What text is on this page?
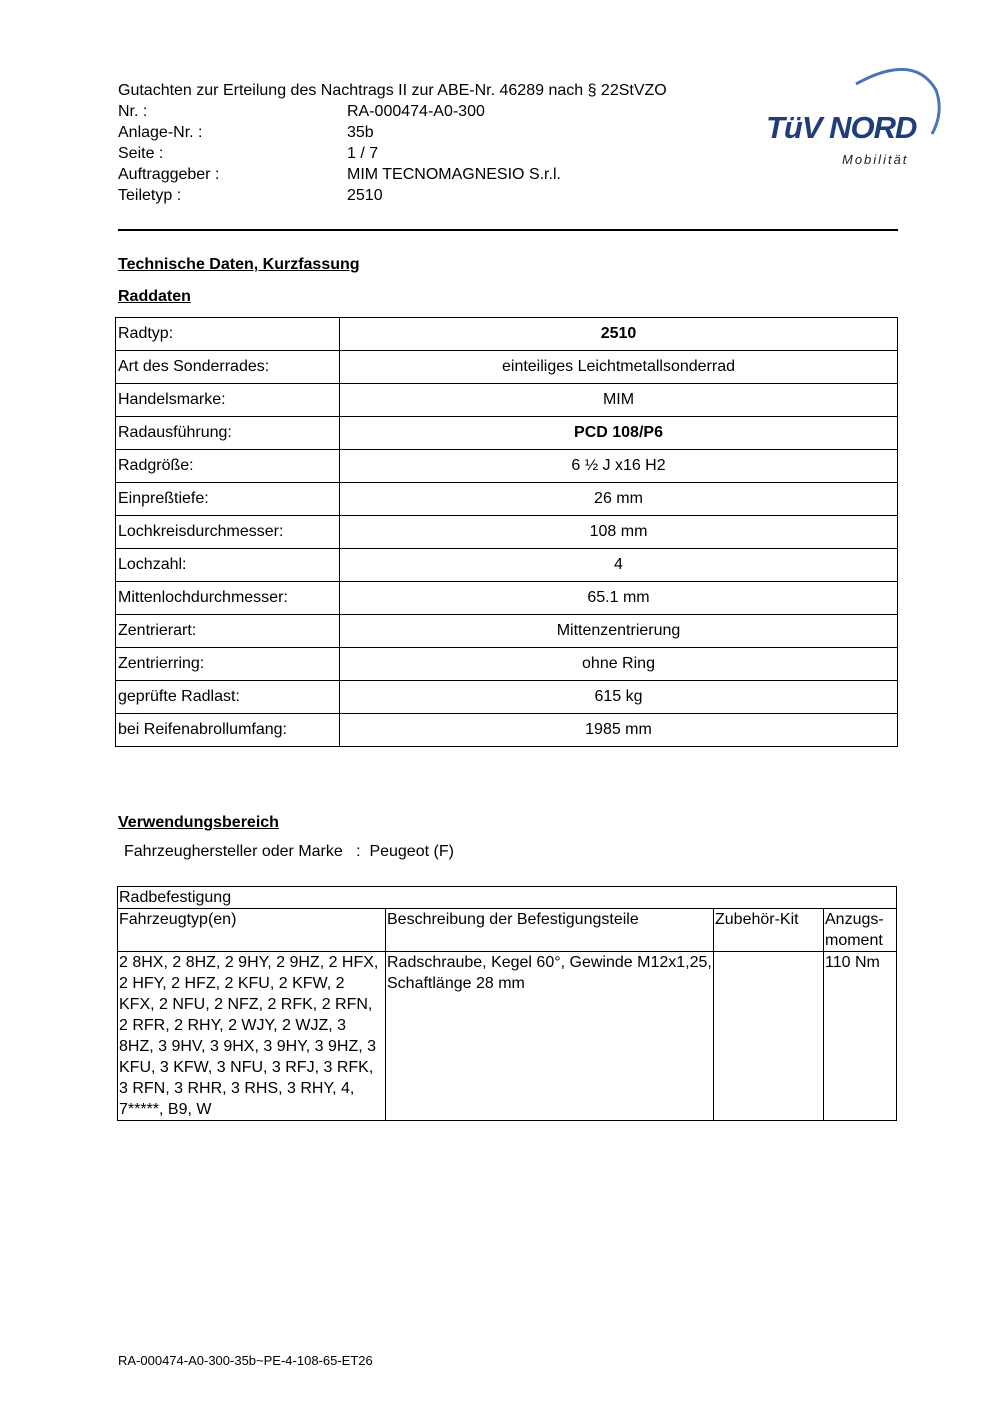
Gutachten zur Erteilung des Nachtrags II zur ABE-Nr. 46289 nach § 22StVZO
Nr. :	RA-000474-A0-300
Anlage-Nr. :	35b
Seite :	1 / 7
Auftraggeber :	MIM TECNOMAGNESIO S.r.l.
Teiletyp :	2510
TüV NORD
Mobilität
Technische Daten, Kurzfassung
Raddaten
Radtyp:	2510
Art des Sonderrades:	einteiliges Leichtmetallsonderrad
Handelsmarke:	MIM
Radausführung:	PCD 108/P6
Radgröße:	6 ½ J x16 H2
Einpreßtiefe:	26 mm
Lochkreisdurchmesser:	108 mm
Lochzahl:	4
Mittenlochdurchmesser:	65.1 mm
Zentrierart:	Mittenzentrierung
Zentrierring:	ohne Ring
geprüfte Radlast:	615 kg
bei Reifenabrollumfang:	1985 mm
Verwendungsbereich
Fahrzeughersteller oder Marke   :  Peugeot (F)
Radbefestigung			
Fahrzeugtyp(en)	Beschreibung der Befestigungsteile	Zubehör-Kit	Anzugs-moment
2 8HX, 2 8HZ, 2 9HY, 2 9HZ, 2 HFX, 2 HFY, 2 HFZ, 2 KFU, 2 KFW, 2 KFX, 2 NFU, 2 NFZ, 2 RFK, 2 RFN, 2 RFR, 2 RHY, 2 WJY, 2 WJZ, 3 8HZ, 3 9HV, 3 9HX, 3 9HY, 3 9HZ, 3 KFU, 3 KFW, 3 NFU, 3 RFJ, 3 RFK, 3 RFN, 3 RHR, 3 RHS, 3 RHY, 4, 7*****, B9, W	Radschraube, Kegel 60°, Gewinde M12x1,25, Schaftlänge 28 mm		110 Nm
RA-000474-A0-300-35b~PE-4-108-65-ET26
